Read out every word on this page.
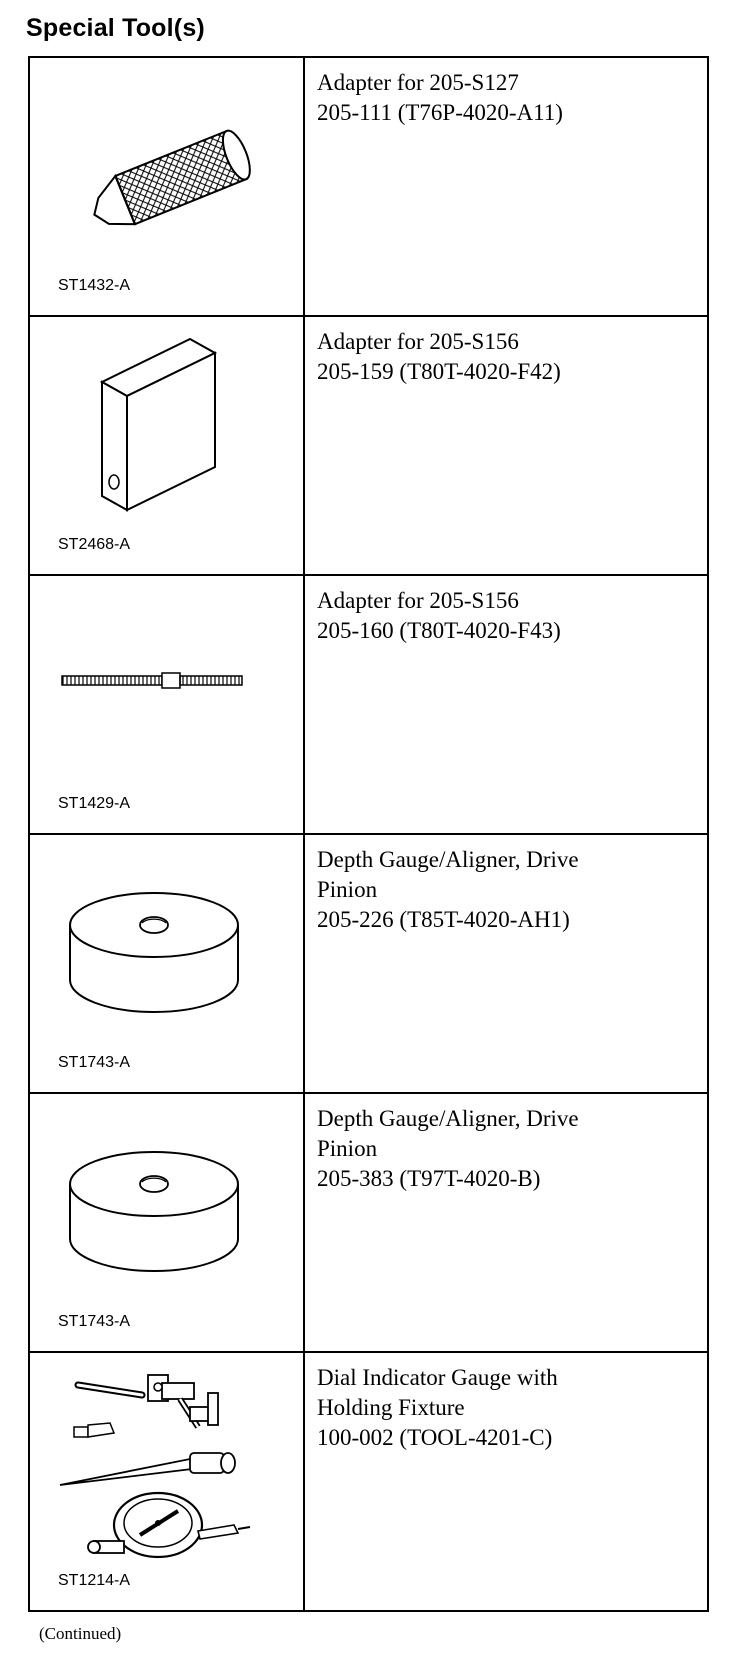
Special Tool(s)
ST1432-A	Adapter for 205-S127
205-111 (T76P-4020-A11)

ST2468-A	Adapter for 205-S156
205-159 (T80T-4020-F42)

ST1429-A	Adapter for 205-S156
205-160 (T80T-4020-F43)

ST1743-A	Depth Gauge/Aligner, Drive
Pinion
205-226 (T85T-4020-AH1)

ST1743-A	Depth Gauge/Aligner, Drive
Pinion
205-383 (T97T-4020-B)

ST1214-A	Dial Indicator Gauge with
Holding Fixture
100-002 (TOOL-4201-C)
(Continued)
